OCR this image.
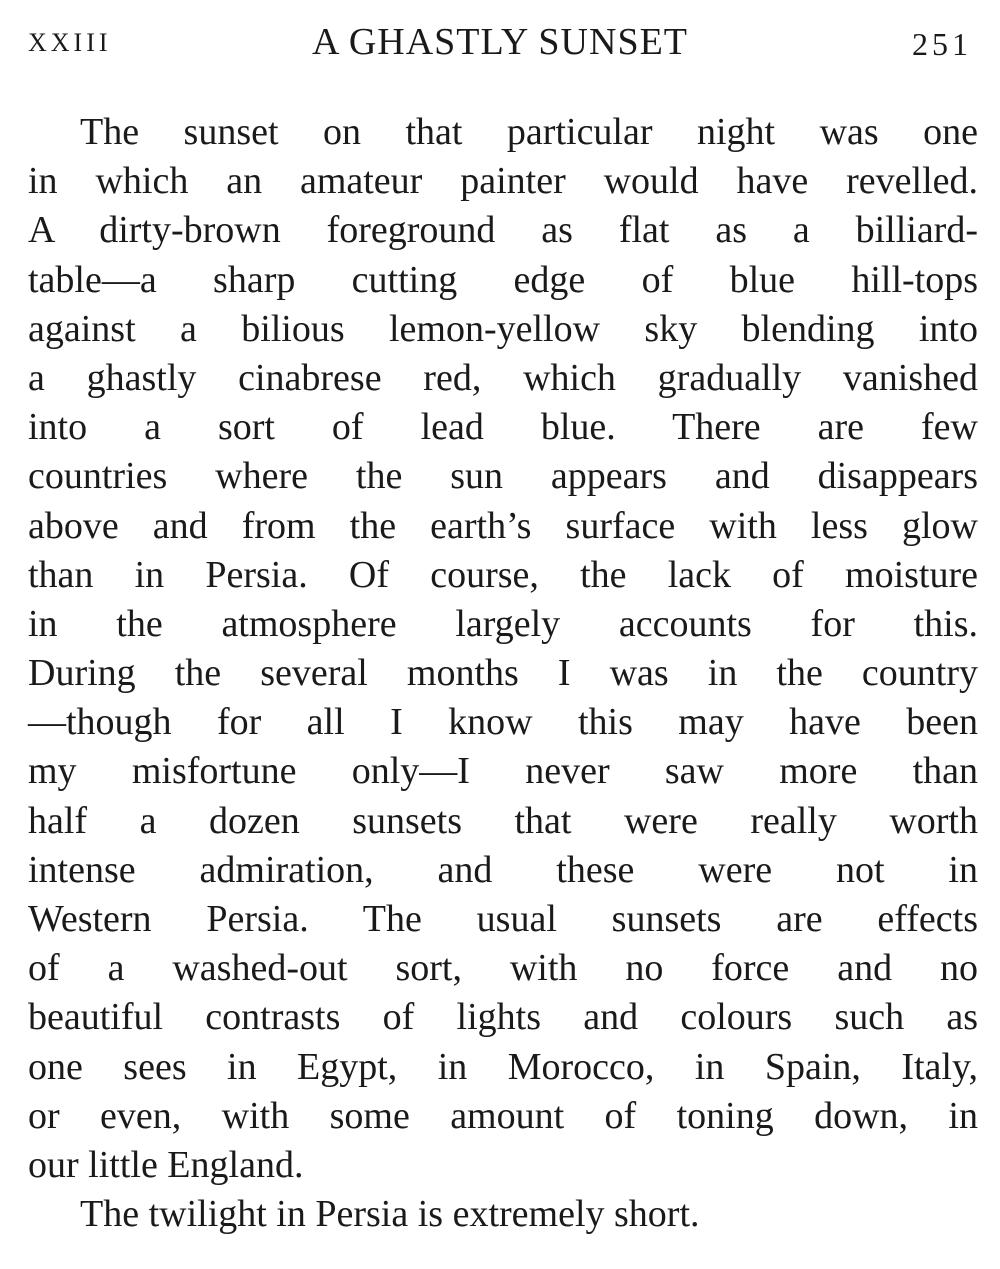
XXIII	A GHASTLY SUNSET	251
The sunset on that particular night was one
in which an amateur painter would have revelled.
A dirty-brown foreground as flat as a billiard-
table—a sharp cutting edge of blue hill-tops
against a bilious lemon-yellow sky blending into
a ghastly cinabrese red, which gradually vanished
into a sort of lead blue. There are few
countries where the sun appears and disappears
above and from the earth’s surface with less glow
than in Persia. Of course, the lack of moisture
in the atmosphere largely accounts for this.
During the several months I was in the country
—though for all I know this may have been
my misfortune only—I never saw more than
half a dozen sunsets that were really worth
intense admiration, and these were not in
Western Persia. The usual sunsets are effects
of a washed-out sort, with no force and no
beautiful contrasts of lights and colours such as
one sees in Egypt, in Morocco, in Spain, Italy,
or even, with some amount of toning down, in
our little England.
The twilight in Persia is extremely short.
